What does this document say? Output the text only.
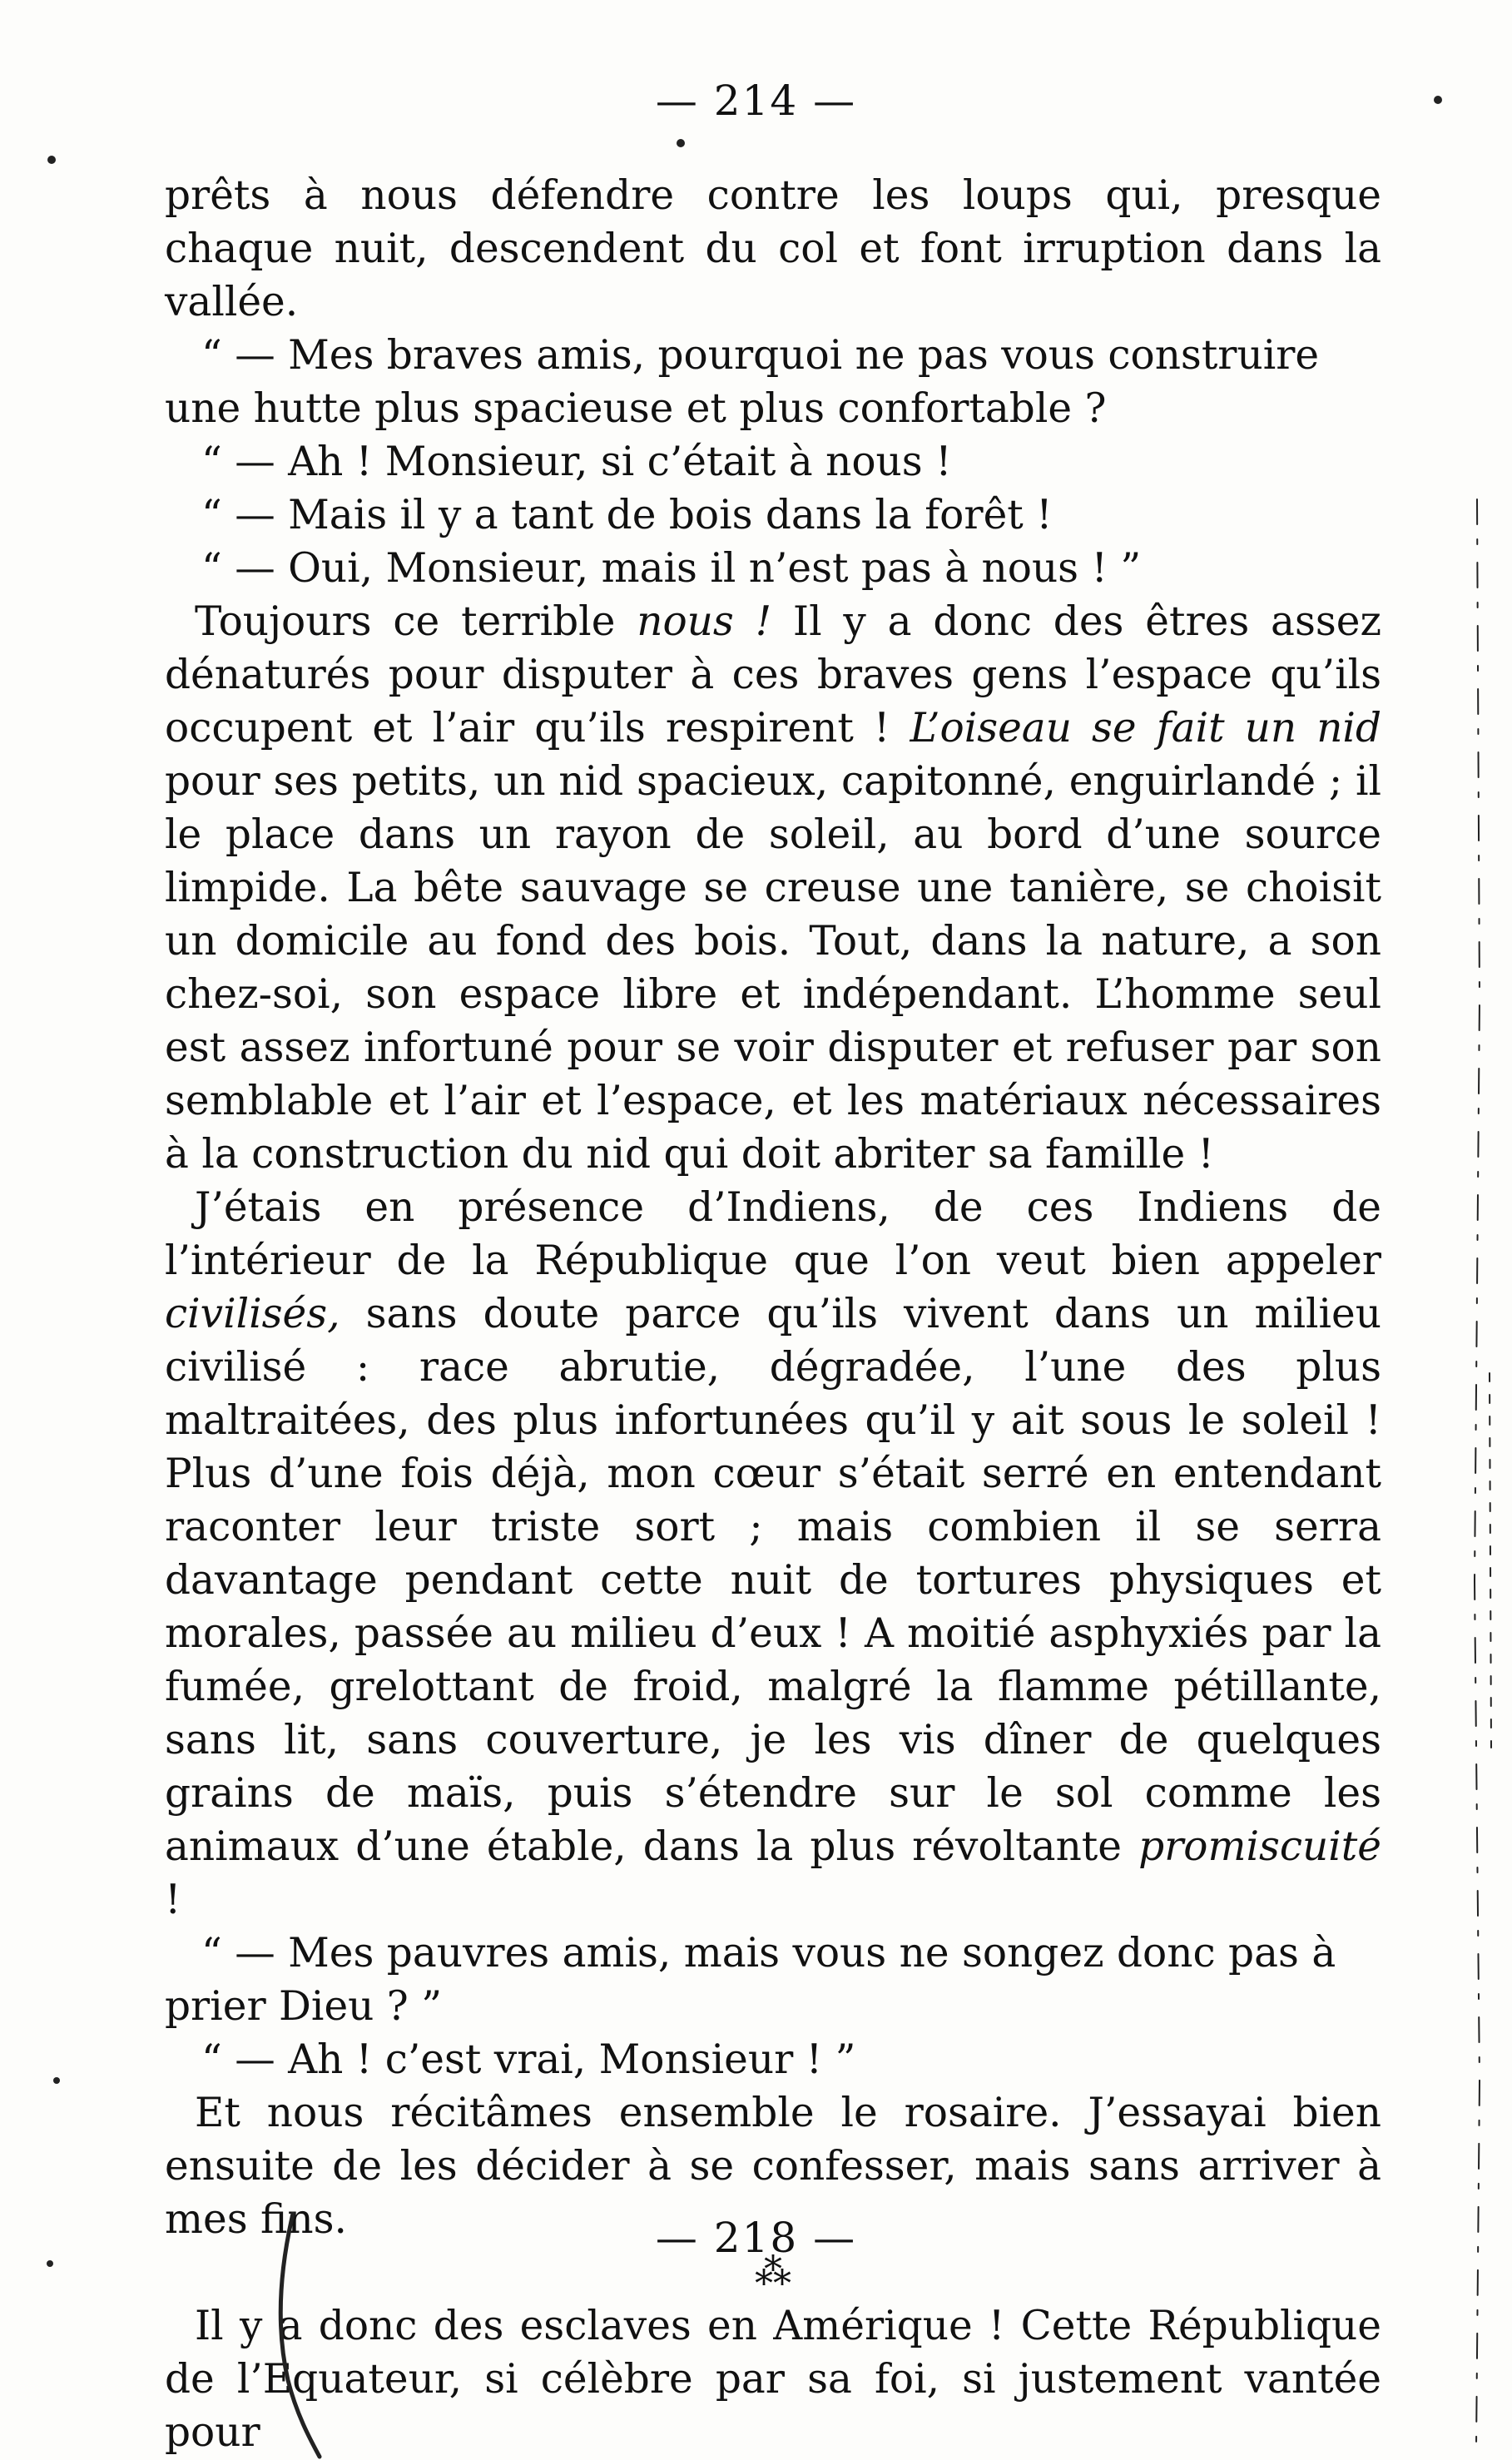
— 214 —

prêts à nous défendre contre les loups qui, presque chaque nuit, descendent du col et font irruption dans la vallée.

“ — Mes braves amis, pourquoi ne pas vous construire une hutte plus spacieuse et plus confortable ?

“ — Ah ! Monsieur, si c’était à nous !

“ — Mais il y a tant de bois dans la forêt !

“ — Oui, Monsieur, mais il n’est pas à nous ! ”

Toujours ce terrible nous ! Il y a donc des êtres assez dénaturés pour disputer à ces braves gens l’espace qu’ils occupent et l’air qu’ils respirent ! L’oiseau se fait un nid pour ses petits, un nid spacieux, capitonné, enguirlandé ; il le place dans un rayon de soleil, au bord d’une source limpide. La bête sauvage se creuse une tanière, se choisit un domicile au fond des bois. Tout, dans la nature, a son chez-soi, son espace libre et indépendant. L’homme seul est assez infortuné pour se voir disputer et refuser par son semblable et l’air et l’espace, et les matériaux nécessaires à la construction du nid qui doit abriter sa famille !

J’étais en présence d’Indiens, de ces Indiens de l’intérieur de la République que l’on veut bien appeler civilisés, sans doute parce qu’ils vivent dans un milieu civilisé : race abrutie, dégradée, l’une des plus maltraitées, des plus infortunées qu’il y ait sous le soleil ! Plus d’une fois déjà, mon cœur s’était serré en entendant raconter leur triste sort ; mais combien il se serra davantage pendant cette nuit de tortures physiques et morales, passée au milieu d’eux ! A moitié asphyxiés par la fumée, grelottant de froid, malgré la flamme pétillante, sans lit, sans couverture, je les vis dîner de quelques grains de maïs, puis s’étendre sur le sol comme les animaux d’une étable, dans la plus révoltante promiscuité !

“ — Mes pauvres amis, mais vous ne songez donc pas à prier Dieu ? ”

“ — Ah ! c’est vrai, Monsieur ! ”

Et nous récitâmes ensemble le rosaire. J’essayai bien ensuite de les décider à se confesser, mais sans arriver à mes fins.

⁂

Il y a donc des esclaves en Amérique ! Cette République de l’Equateur, si célèbre par sa foi, si justement vantée pour

— 218 —
